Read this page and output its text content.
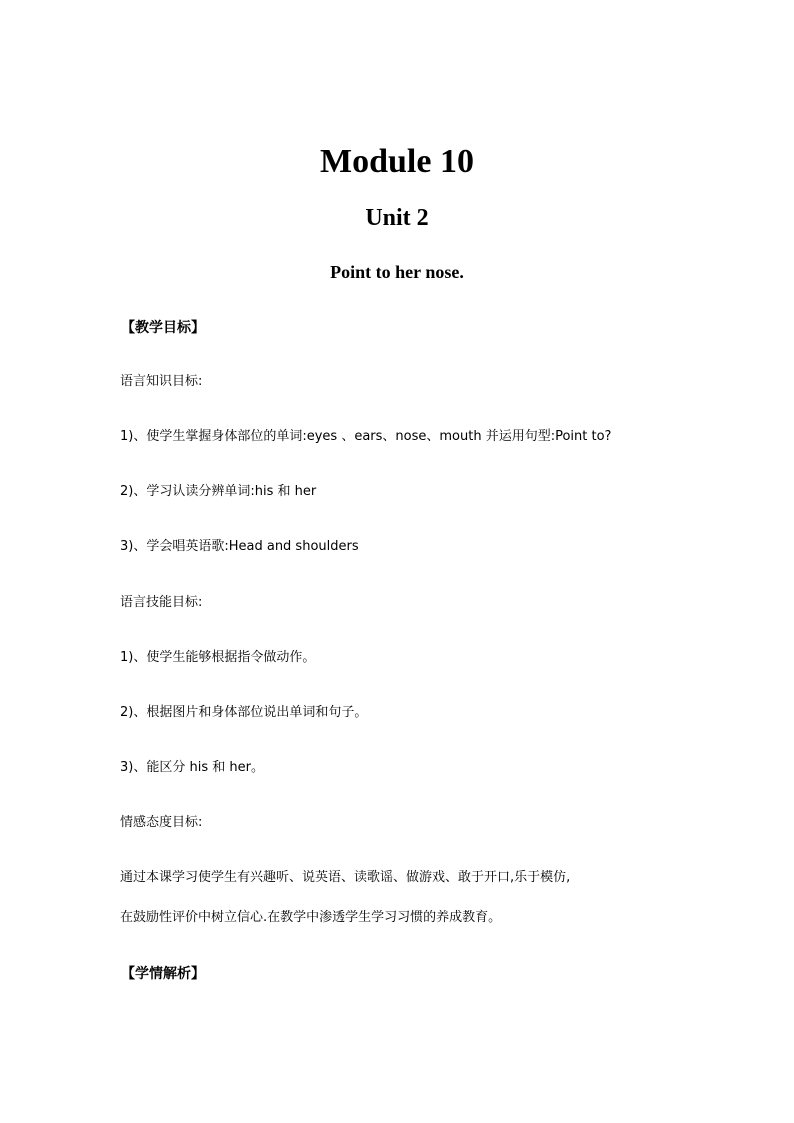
Module 10
Unit 2
Point to her nose.
【教学目标】
语言知识目标:
1)、使学生掌握身体部位的单词:eyes 、ears、nose、mouth 并运用句型:Point to?
2)、学习认读分辨单词:his 和 her
3)、学会唱英语歌:Head and shoulders
语言技能目标:
1)、使学生能够根据指令做动作。
2)、根据图片和身体部位说出单词和句子。
3)、能区分 his 和 her。
情感态度目标:
通过本课学习使学生有兴趣听、说英语、读歌谣、做游戏、敢于开口,乐于模仿,
在鼓励性评价中树立信心.在教学中渗透学生学习习惯的养成教育。
【学情解析】
